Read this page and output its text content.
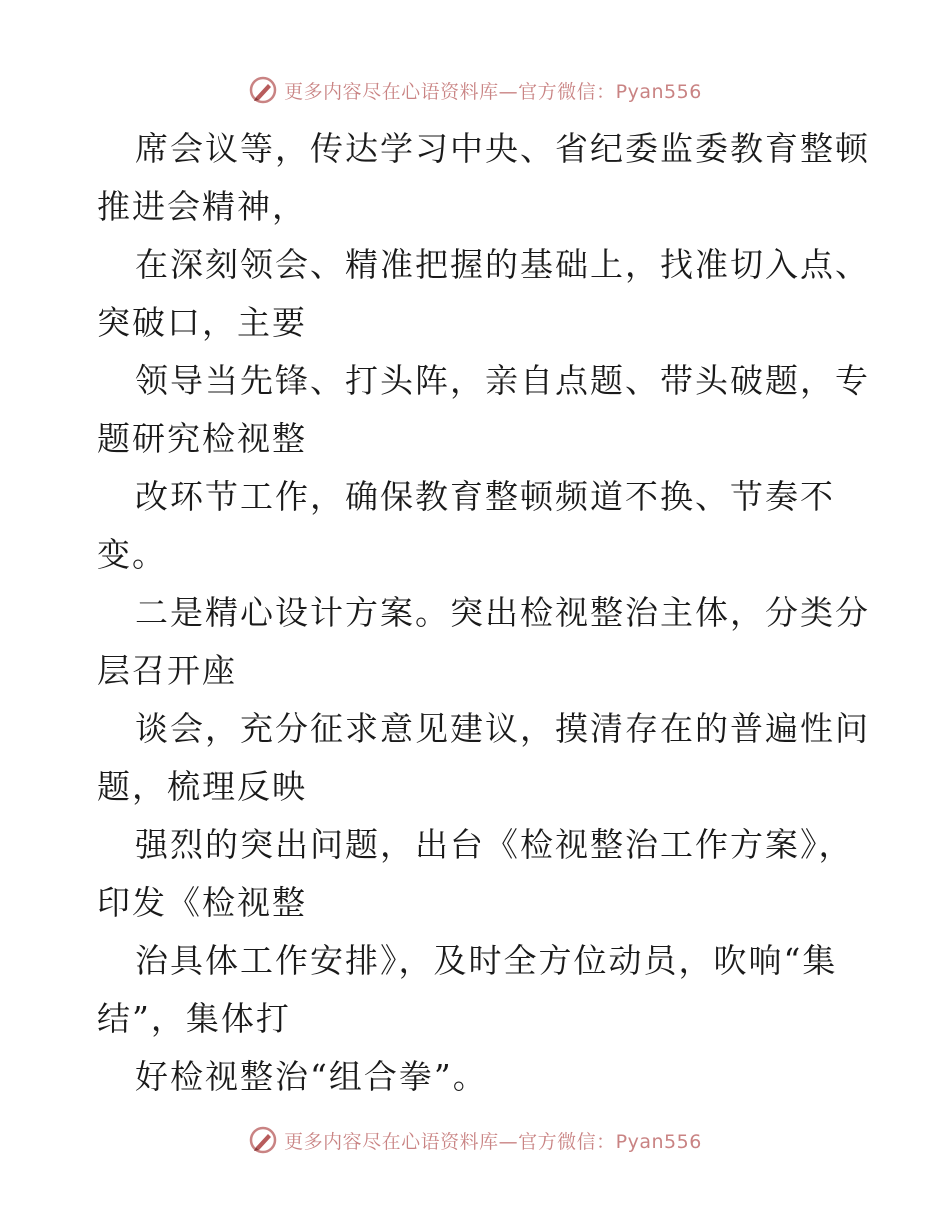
更多内容尽在心语资料库—官方微信：Pyan556

席会议等，传达学习中央、省纪委监委教育整顿
推进会精神，

在深刻领会、精准把握的基础上，找准切入点、
突破口，主要

领导当先锋、打头阵，亲自点题、带头破题，专
题研究检视整

改环节工作，确保教育整顿频道不换、节奏不
变。

二是精心设计方案。突出检视整治主体，分类分
层召开座

谈会，充分征求意见建议，摸清存在的普遍性问
题，梳理反映

强烈的突出问题，出台《检视整治工作方案》，
印发《检视整

治具体工作安排》，及时全方位动员，吹响“集
结”，集体打

好检视整治“组合拳”。

更多内容尽在心语资料库—官方微信：Pyan556
